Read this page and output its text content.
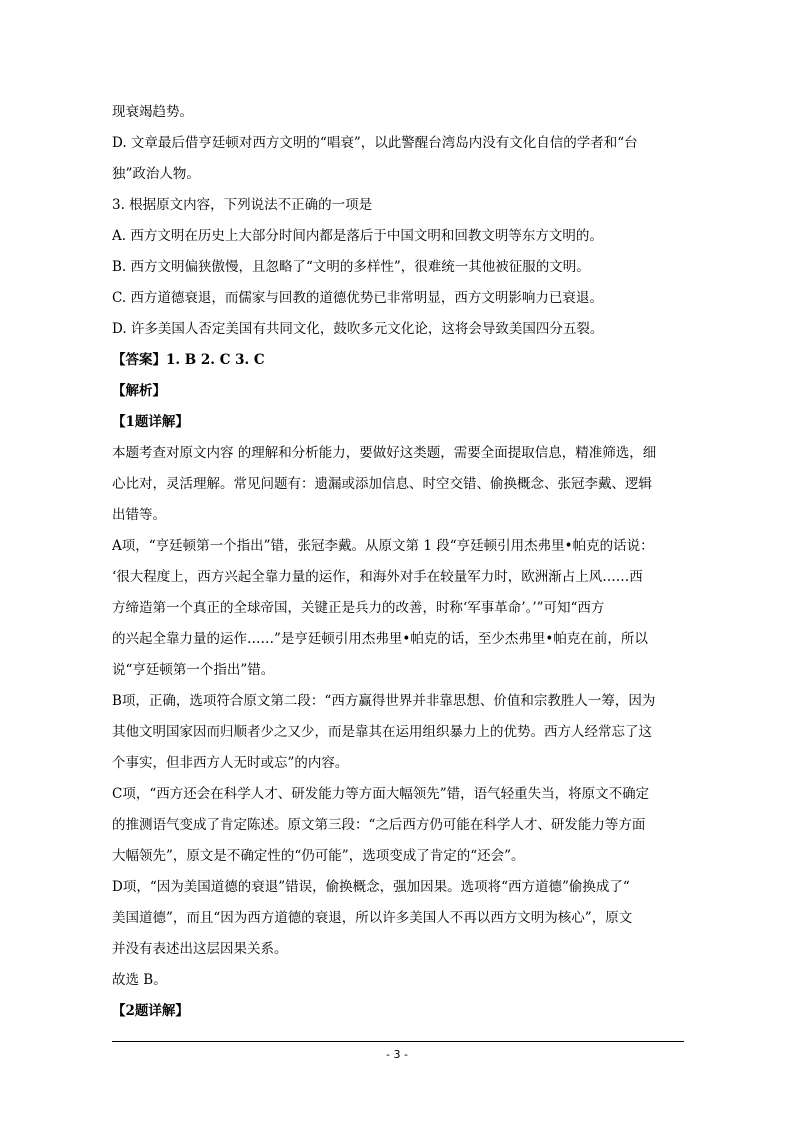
现衰竭趋势。
D. 文章最后借亨廷顿对西方文明的“唱衰”，以此警醒台湾岛内没有文化自信的学者和“台
独”政治人物。
3. 根据原文内容，下列说法不正确的一项是
A. 西方文明在历史上大部分时间内都是落后于中国文明和回教文明等东方文明的。
B. 西方文明偏狭傲慢，且忽略了“文明的多样性”，很难统一其他被征服的文明。
C. 西方道德衰退，而儒家与回教的道德优势已非常明显，西方文明影响力已衰退。
D. 许多美国人否定美国有共同文化，鼓吹多元文化论，这将会导致美国四分五裂。
【答案】1. B 2. C 3. C
【解析】
【1题详解】
本题考查对原文内容 的理解和分析能力，要做好这类题，需要全面提取信息，精准筛选，细
心比对，灵活理解。常见问题有：遗漏或添加信息、时空交错、偷换概念、张冠李戴、逻辑
出错等。
A项，“亨廷顿第一个指出”错，张冠李戴。从原文第 1 段“亨廷顿引用杰弗里•帕克的话说：
‘很大程度上，西方兴起全靠力量的运作，和海外对手在较量军力时，欧洲渐占上风……西
方缔造第一个真正的全球帝国，关键正是兵力的改善，时称‘军事革命’。’”可知“西方
的兴起全靠力量的运作……”是亨廷顿引用杰弗里•帕克的话，至少杰弗里•帕克在前，所以
说“亨廷顿第一个指出”错。
B项，正确，选项符合原文第二段：“西方赢得世界并非靠思想、价值和宗教胜人一筹，因为
其他文明国家因而归顺者少之又少，而是靠其在运用组织暴力上的优势。西方人经常忘了这
个事实，但非西方人无时或忘”的内容。
C项，“西方还会在科学人才、研发能力等方面大幅领先”错，语气轻重失当，将原文不确定
的推测语气变成了肯定陈述。原文第三段：“之后西方仍可能在科学人才、研发能力等方面
大幅领先”，原文是不确定性的“仍可能”，选项变成了肯定的“还会”。
D项，“因为美国道德的衰退”错误，偷换概念，强加因果。选项将“西方道德”偷换成了“
美国道德”，而且“因为西方道德的衰退，所以许多美国人不再以西方文明为核心”，原文
并没有表述出这层因果关系。
故选 B。
【2题详解】
- 3 -
